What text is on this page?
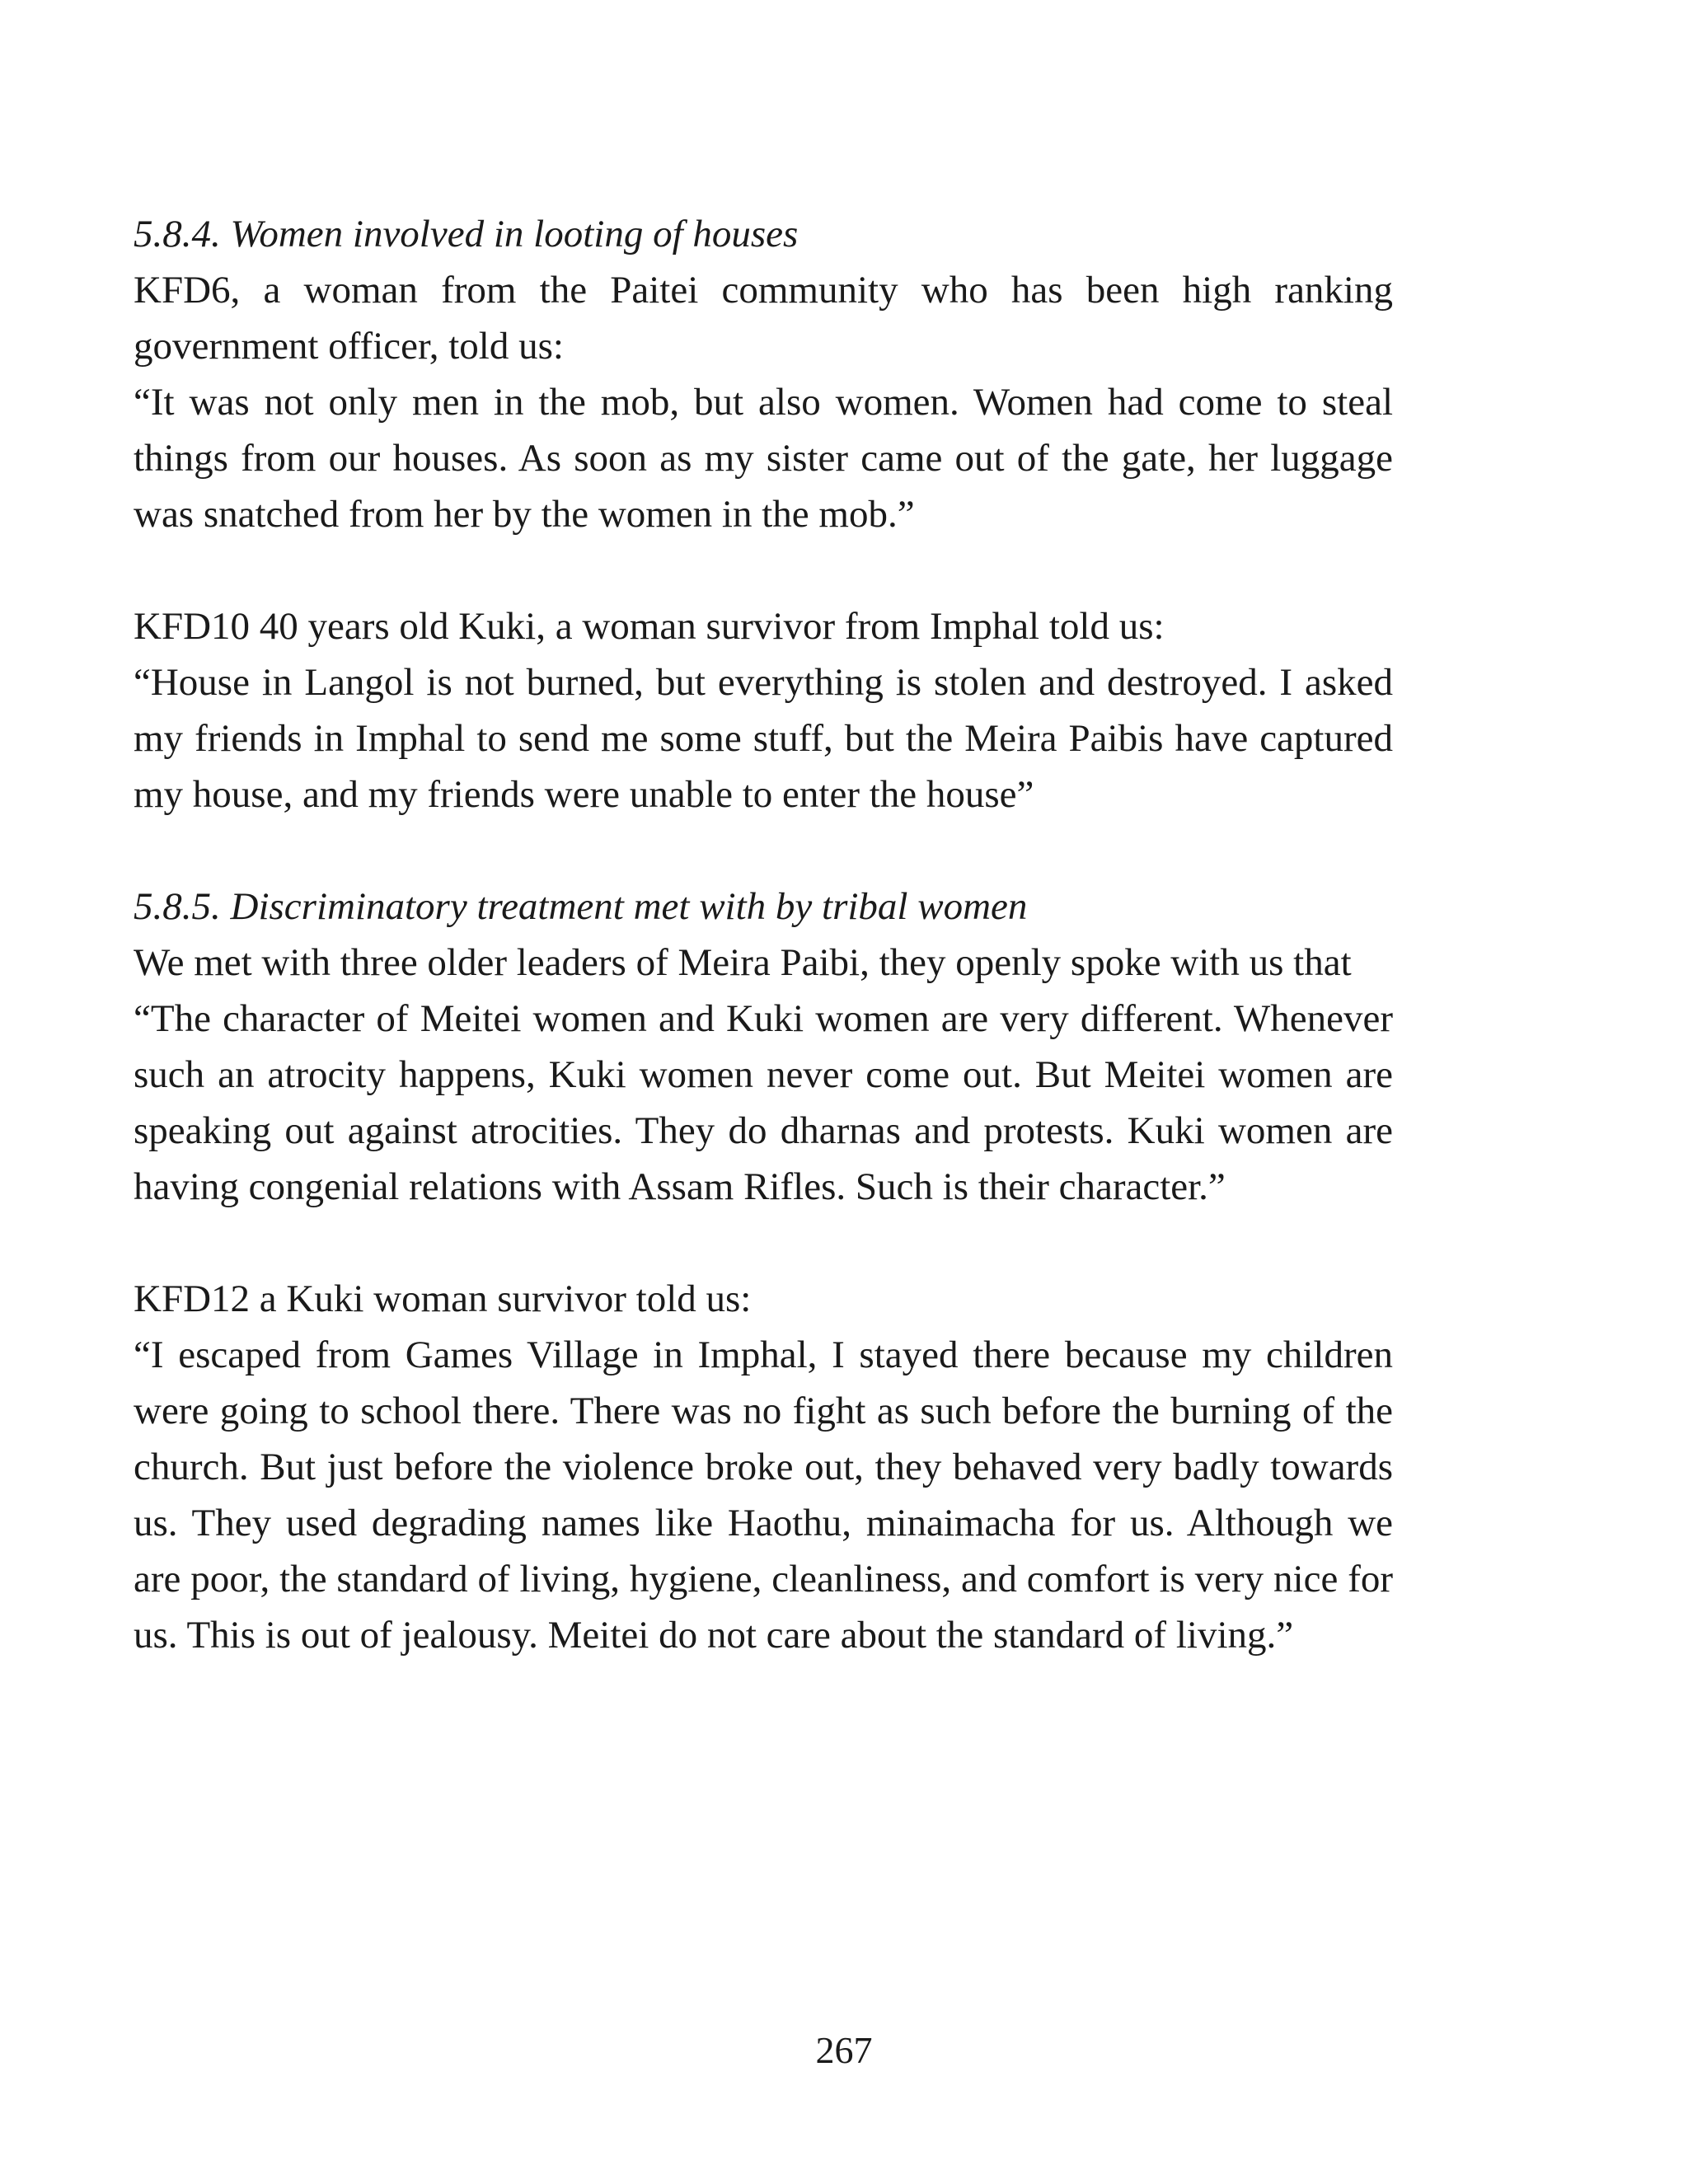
5.8.4. Women involved in looting of houses

KFD6, a woman from the Paitei community who has been high ranking government officer, told us:

“It was not only men in the mob, but also women. Women had come to steal things from our houses. As soon as my sister came out of the gate, her luggage was snatched from her by the women in the mob.”

KFD10 40 years old Kuki, a woman survivor from Imphal told us:

“House in Langol is not burned, but everything is stolen and destroyed. I asked my friends in Imphal to send me some stuff, but the Meira Paibis have captured my house, and my friends were unable to enter the house”

5.8.5. Discriminatory treatment met with by tribal women

We met with three older leaders of Meira Paibi, they openly spoke with us that

“The character of Meitei women and Kuki women are very different. Whenever such an atrocity happens, Kuki women never come out. But Meitei women are speaking out against atrocities. They do dharnas and protests. Kuki women are having congenial relations with Assam Rifles. Such is their character.”

KFD12 a Kuki woman survivor told us:

“I escaped from Games Village in Imphal, I stayed there because my children were going to school there. There was no fight as such before the burning of the church. But just before the violence broke out, they behaved very badly towards us. They used degrading names like Haothu, minaimacha for us. Although we are poor, the standard of living, hygiene, cleanliness, and comfort is very nice for us. This is out of jealousy. Meitei do not care about the standard of living.”

267
